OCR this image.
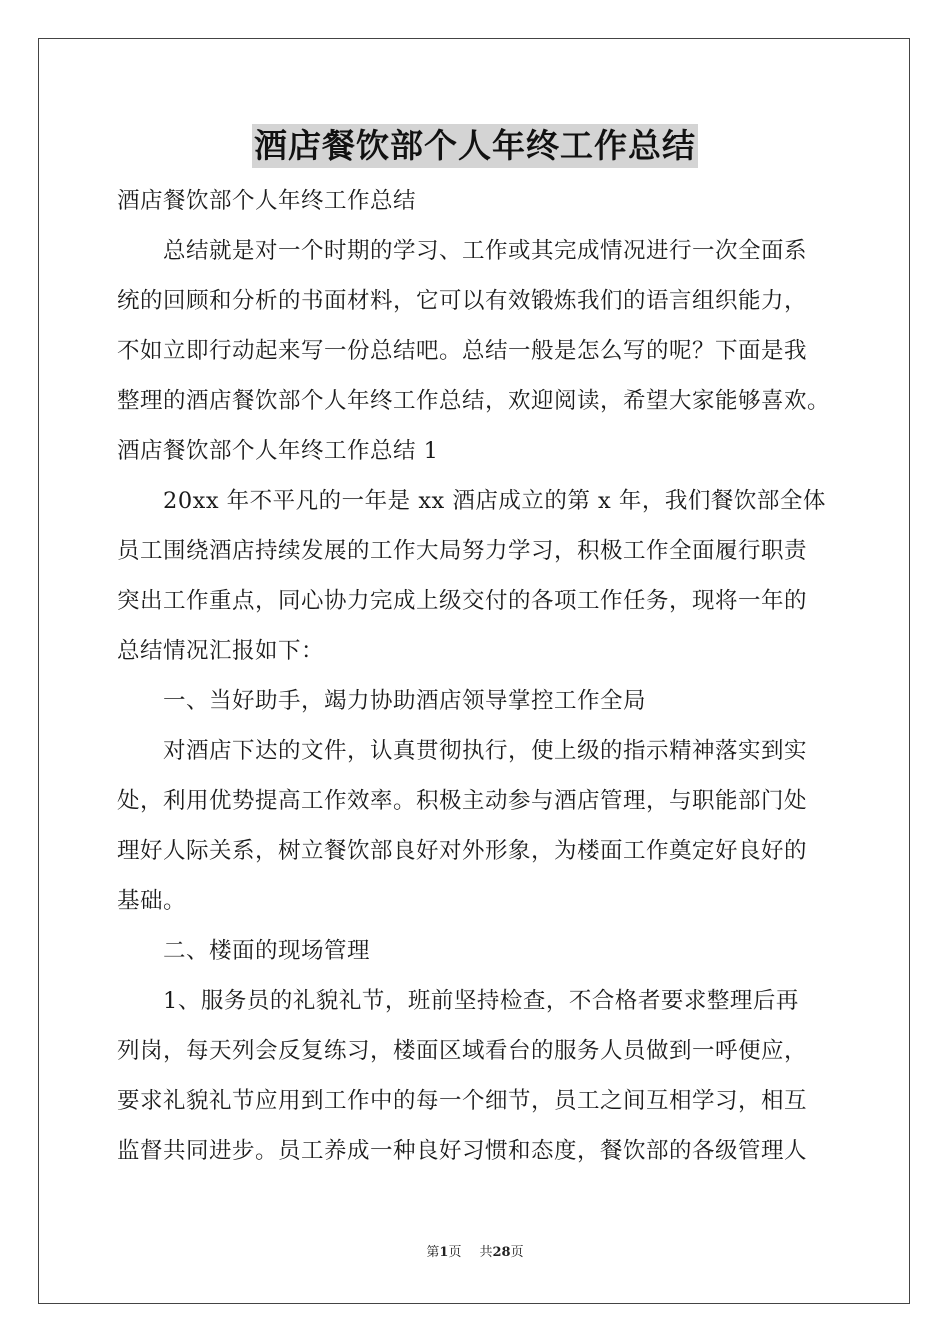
酒店餐饮部个人年终工作总结
酒店餐饮部个人年终工作总结
总结就是对一个时期的学习、工作或其完成情况进行一次全面系
统的回顾和分析的书面材料，它可以有效锻炼我们的语言组织能力，
不如立即行动起来写一份总结吧。总结一般是怎么写的呢？下面是我
整理的酒店餐饮部个人年终工作总结，欢迎阅读，希望大家能够喜欢。
酒店餐饮部个人年终工作总结 1
20xx 年不平凡的一年是 xx 酒店成立的第 x 年，我们餐饮部全体
员工围绕酒店持续发展的工作大局努力学习，积极工作全面履行职责
突出工作重点，同心协力完成上级交付的各项工作任务，现将一年的
总结情况汇报如下：
一、当好助手，竭力协助酒店领导掌控工作全局
对酒店下达的文件，认真贯彻执行，使上级的指示精神落实到实
处，利用优势提高工作效率。积极主动参与酒店管理，与职能部门处
理好人际关系，树立餐饮部良好对外形象，为楼面工作奠定好良好的
基础。
二、楼面的现场管理
1、服务员的礼貌礼节，班前坚持检查，不合格者要求整理后再
列岗，每天列会反复练习，楼面区域看台的服务人员做到一呼便应，
要求礼貌礼节应用到工作中的每一个细节，员工之间互相学习，相互
监督共同进步。员工养成一种良好习惯和态度，餐饮部的各级管理人
第1页 共28页
